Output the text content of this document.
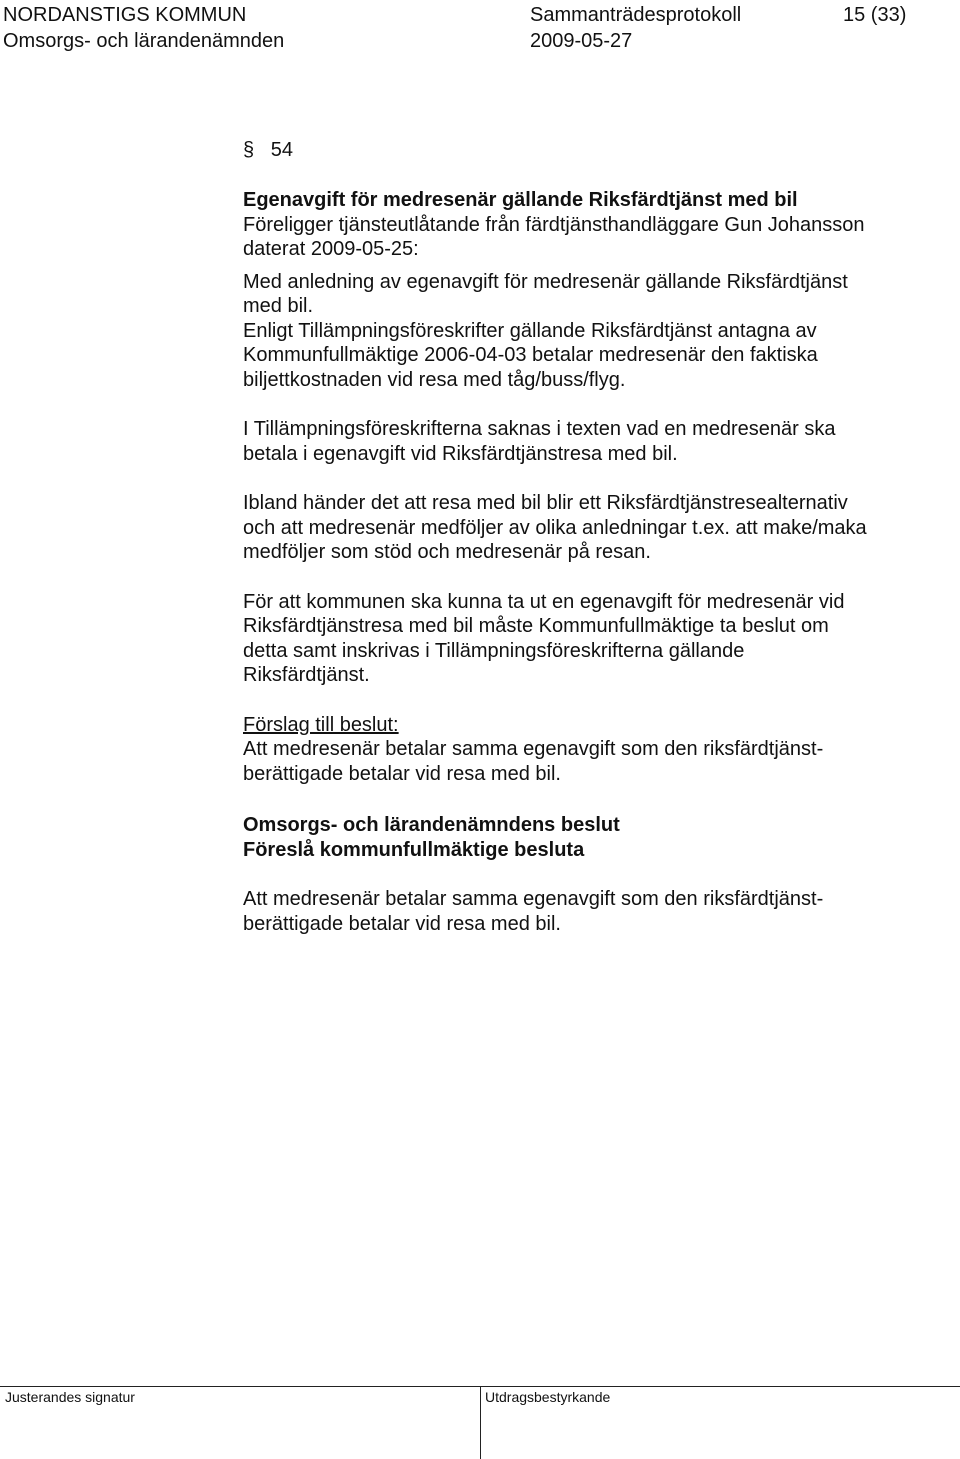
NORDANSTIGS KOMMUN	Sammanträdesprotokoll	15 (33)
Omsorgs- och lärandenämnden	2009-05-27
§ 54

Egenavgift för medresenär gällande Riksfärdtjänst med bil

Föreligger tjänsteutlåtande från färdtjänsthandläggare Gun Johansson

daterat 2009-05-25:

Med anledning av egenavgift för medresenär gällande Riksfärdtjänst

med bil.

Enligt Tillämpningsföreskrifter gällande Riksfärdtjänst antagna av

Kommunfullmäktige 2006-04-03 betalar medresenär den faktiska

biljettkostnaden vid resa med tåg/buss/flyg.

I Tillämpningsföreskrifterna saknas i texten vad en medresenär ska

betala i egenavgift vid Riksfärdtjänstresa med bil.

Ibland händer det att resa med bil blir ett Riksfärdtjänstresealternativ

och att medresenär medföljer av olika anledningar t.ex. att make/maka

medföljer som stöd och medresenär på resan.

För att kommunen ska kunna ta ut en egenavgift för medresenär vid

Riksfärdtjänstresa med bil måste Kommunfullmäktige ta beslut om

detta samt inskrivas i Tillämpningsföreskrifterna gällande

Riksfärdtjänst.

Förslag till beslut:

Att medresenär betalar samma egenavgift som den riksfärdtjänst-

berättigade betalar vid resa med bil.

Omsorgs- och lärandenämndens beslut

Föreslå kommunfullmäktige besluta

Att medresenär betalar samma egenavgift som den riksfärdtjänst-

berättigade betalar vid resa med bil.

Justerandes signatur	Utdragsbestyrkande
